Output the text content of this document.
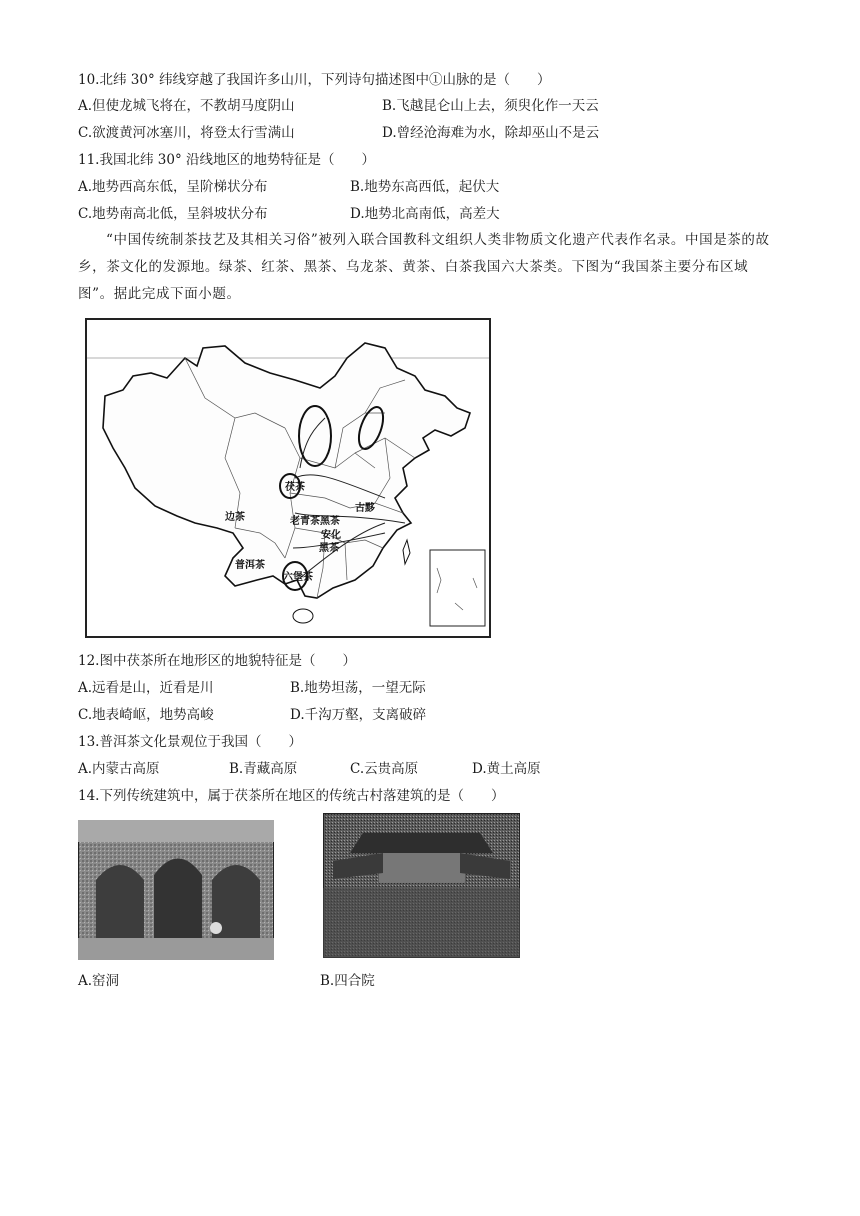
10.北纬 30° 纬线穿越了我国许多山川，下列诗句描述图中①山脉的是（　　）
A.但使龙城飞将在，不教胡马度阴山	B.飞越昆仑山上去，须臾化作一天云
C.欲渡黄河冰塞川，将登太行雪满山	D.曾经沧海难为水，除却巫山不是云
11.我国北纬 30° 沿线地区的地势特征是（　　）
A.地势西高东低，呈阶梯状分布	B.地势东高西低，起伏大
C.地势南高北低，呈斜坡状分布	D.地势北高南低，高差大
“中国传统制茶技艺及其相关习俗”被列入联合国教科文组织人类非物质文化遗产代表作名录。中国是茶的故乡，茶文化的发源地。绿茶、红茶、黑茶、乌龙茶、黄茶、白茶我国六大茶类。下图为“我国茶主要分布区域图”。据此完成下面小题。
边茶
普洱茶
茯茶
老青茶 黑茶
安化
黑茶
六堡茶
古黟
12.图中茯茶所在地形区的地貌特征是（　　）
A.远看是山，近看是川	B.地势坦荡，一望无际
C.地表崎岖，地势高峻	D.千沟万壑，支离破碎
13.普洱茶文化景观位于我国（　　）
A.内蒙古高原	B.青藏高原	C.云贵高原	D.黄土高原
14.下列传统建筑中，属于茯茶所在地区的传统古村落建筑的是（　　）
A.窑洞	B.四合院
